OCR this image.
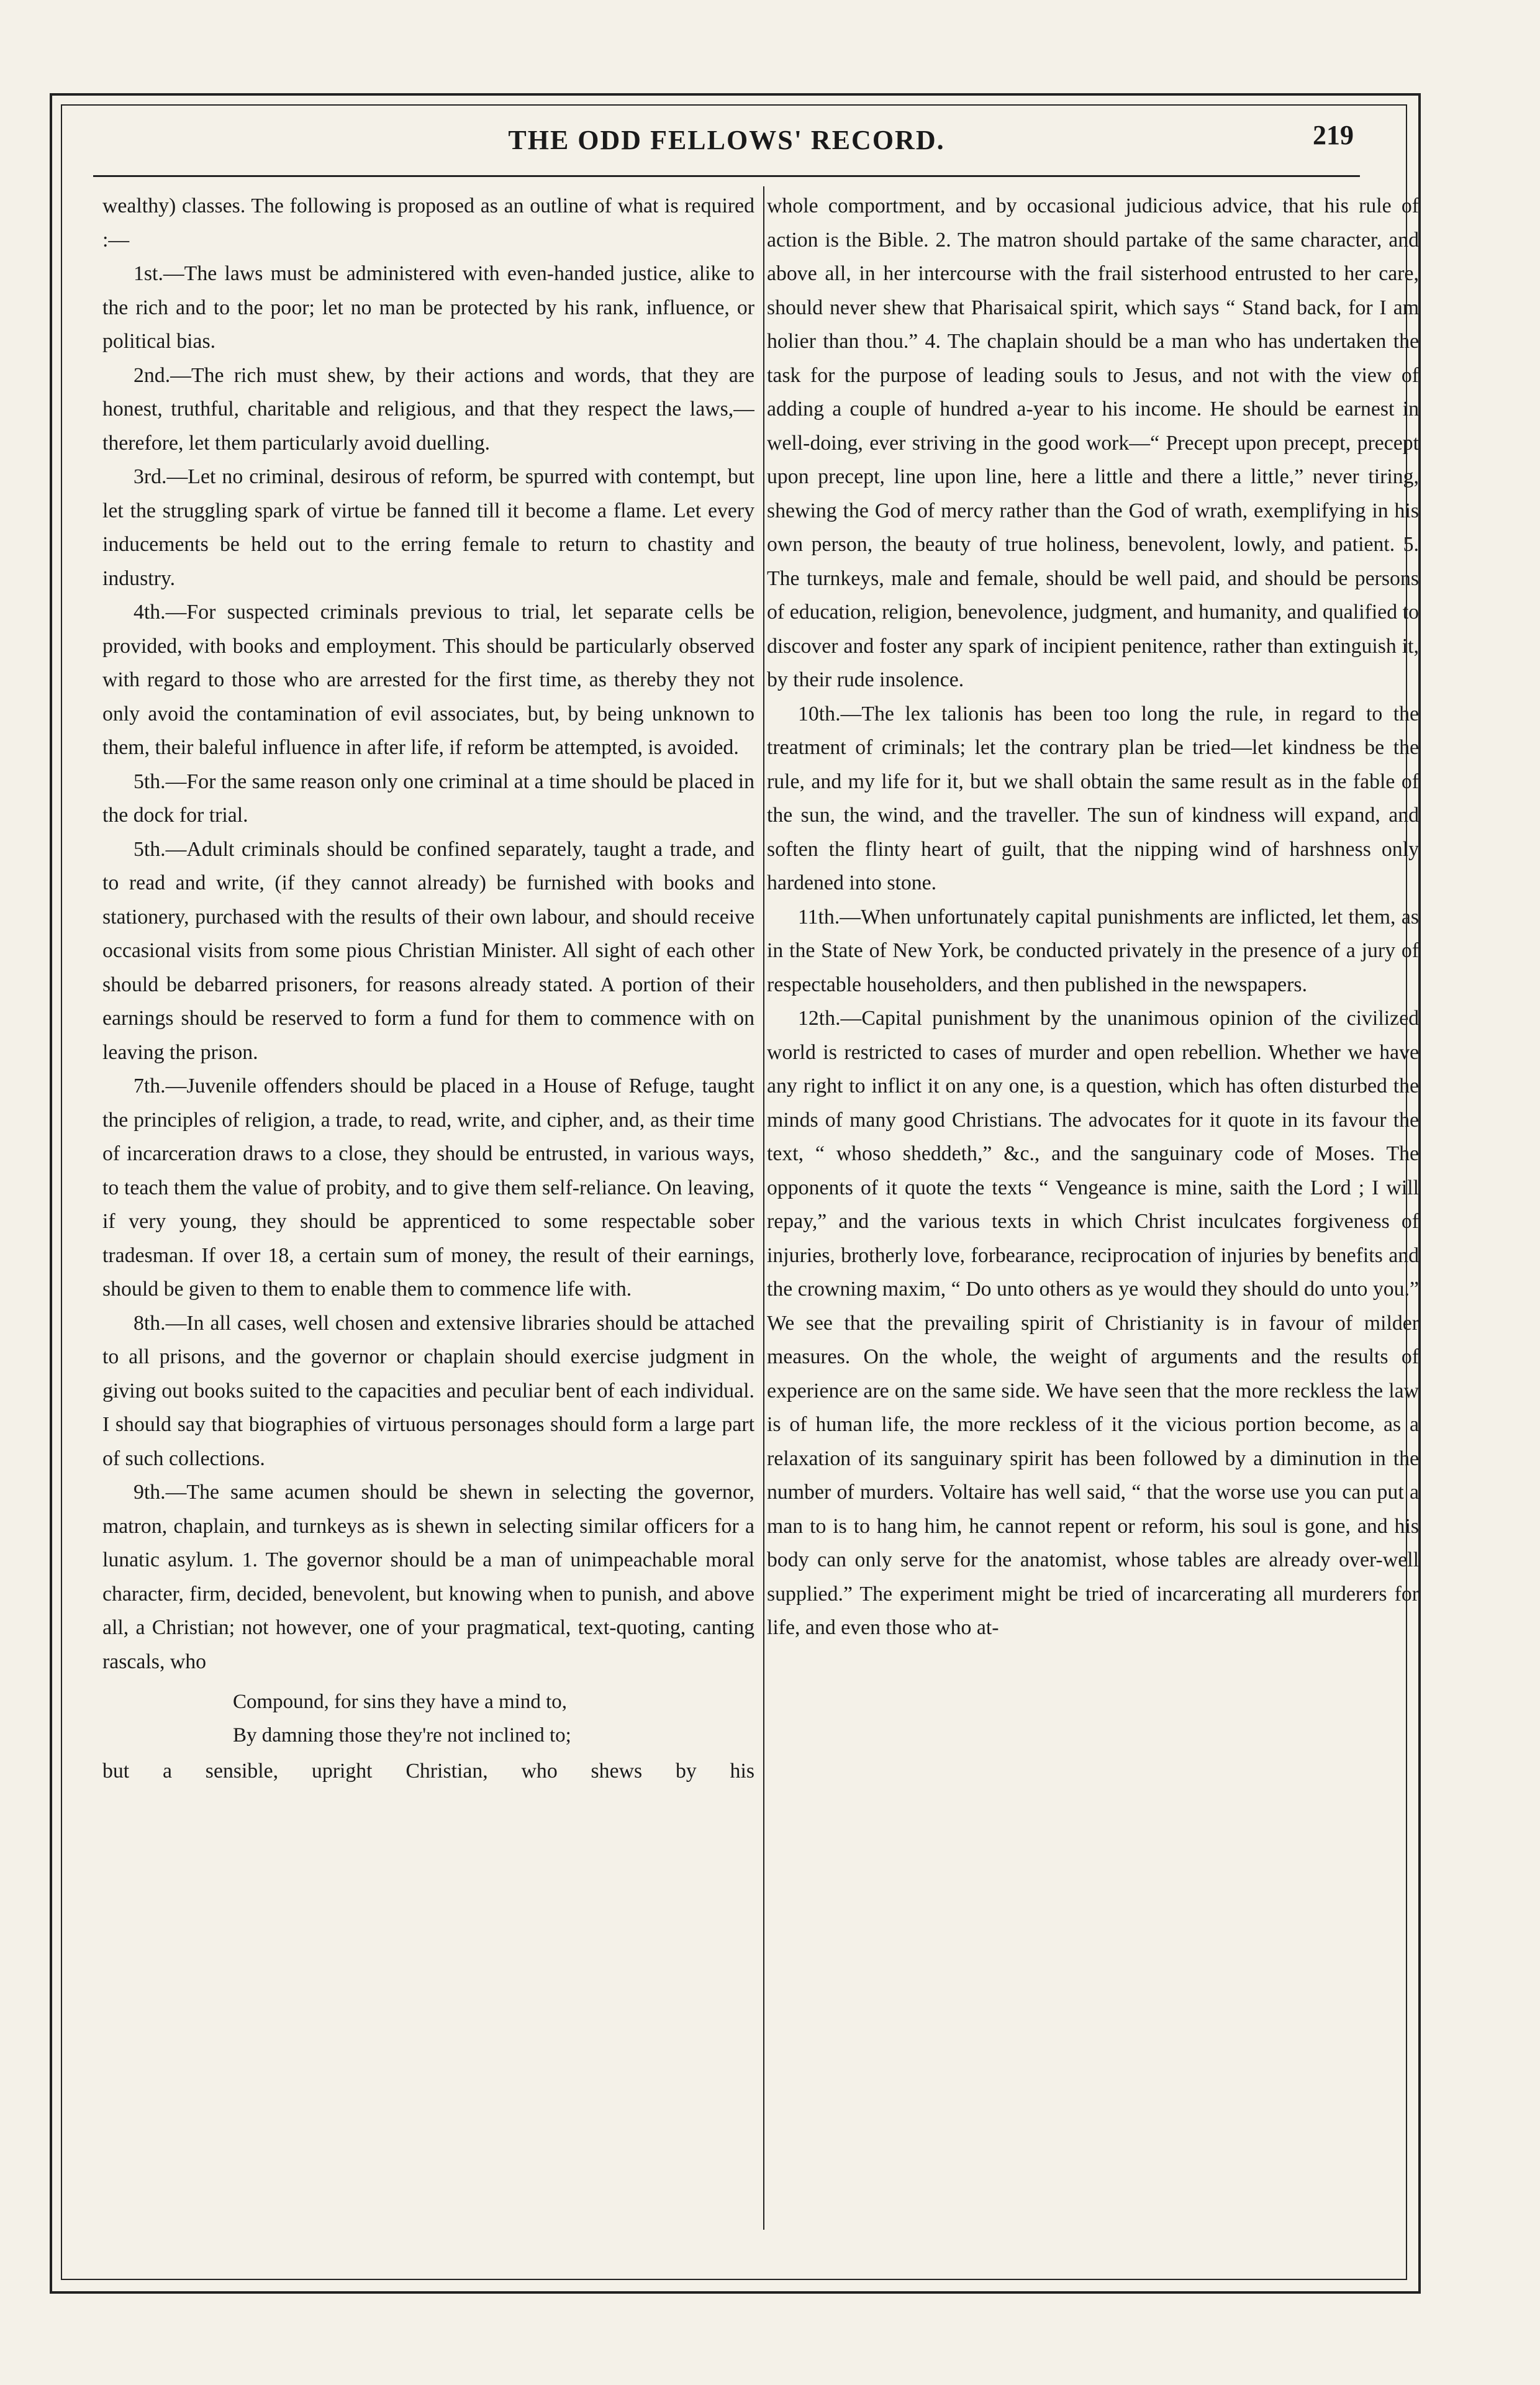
THE ODD FELLOWS' RECORD.	219

wealthy) classes. The following is proposed as an outline of what is required :—

1st.—The laws must be administered with even-handed justice, alike to the rich and to the poor; let no man be protected by his rank, influence, or political bias.

2nd.—The rich must shew, by their actions and words, that they are honest, truthful, charitable and religious, and that they respect the laws,—therefore, let them particularly avoid duelling.

3rd.—Let no criminal, desirous of reform, be spurred with contempt, but let the struggling spark of virtue be fanned till it become a flame. Let every inducements be held out to the erring female to return to chastity and industry.

4th.—For suspected criminals previous to trial, let separate cells be provided, with books and employment. This should be particularly observed with regard to those who are arrested for the first time, as thereby they not only avoid the contamination of evil associates, but, by being unknown to them, their baleful influence in after life, if reform be attempted, is avoided.

5th.—For the same reason only one criminal at a time should be placed in the dock for trial.

5th.—Adult criminals should be confined separately, taught a trade, and to read and write, (if they cannot already) be furnished with books and stationery, purchased with the results of their own labour, and should receive occasional visits from some pious Christian Minister. All sight of each other should be debarred prisoners, for reasons already stated. A portion of their earnings should be reserved to form a fund for them to commence with on leaving the prison.

7th.—Juvenile offenders should be placed in a House of Refuge, taught the principles of religion, a trade, to read, write, and cipher, and, as their time of incarceration draws to a close, they should be entrusted, in various ways, to teach them the value of probity, and to give them self-reliance. On leaving, if very young, they should be apprenticed to some respectable sober tradesman. If over 18, a certain sum of money, the result of their earnings, should be given to them to enable them to commence life with.

8th.—In all cases, well chosen and extensive libraries should be attached to all prisons, and the governor or chaplain should exercise judgment in giving out books suited to the capacities and peculiar bent of each individual. I should say that biographies of virtuous personages should form a large part of such collections.

9th.—The same acumen should be shewn in selecting the governor, matron, chaplain, and turnkeys as is shewn in selecting similar officers for a lunatic asylum. 1. The governor should be a man of unimpeachable moral character, firm, decided, benevolent, but knowing when to punish, and above all, a Christian; not however, one of your pragmatical, text-quoting, canting rascals, who

Compound, for sins they have a mind to,
By damning those they're not inclined to;

but a sensible, upright Christian, who shews by his

whole comportment, and by occasional judicious advice, that his rule of action is the Bible. 2. The matron should partake of the same character, and above all, in her intercourse with the frail sisterhood entrusted to her care, should never shew that Pharisaical spirit, which says “ Stand back, for I am holier than thou.” 4. The chaplain should be a man who has undertaken the task for the purpose of leading souls to Jesus, and not with the view of adding a couple of hundred a-year to his income. He should be earnest in well-doing, ever striving in the good work—“ Precept upon precept, precept upon precept, line upon line, here a little and there a little,” never tiring, shewing the God of mercy rather than the God of wrath, exemplifying in his own person, the beauty of true holiness, benevolent, lowly, and patient. 5. The turnkeys, male and female, should be well paid, and should be persons of education, religion, benevolence, judgment, and humanity, and qualified to discover and foster any spark of incipient penitence, rather than extinguish it, by their rude insolence.

10th.—The lex talionis has been too long the rule, in regard to the treatment of criminals; let the contrary plan be tried—let kindness be the rule, and my life for it, but we shall obtain the same result as in the fable of the sun, the wind, and the traveller. The sun of kindness will expand, and soften the flinty heart of guilt, that the nipping wind of harshness only hardened into stone.

11th.—When unfortunately capital punishments are inflicted, let them, as in the State of New York, be conducted privately in the presence of a jury of respectable householders, and then published in the newspapers.

12th.—Capital punishment by the unanimous opinion of the civilized world is restricted to cases of murder and open rebellion. Whether we have any right to inflict it on any one, is a question, which has often disturbed the minds of many good Christians. The advocates for it quote in its favour the text, “ whoso sheddeth,” &c., and the sanguinary code of Moses. The opponents of it quote the texts “ Vengeance is mine, saith the Lord ; I will repay,” and the various texts in which Christ inculcates forgiveness of injuries, brotherly love, forbearance, reciprocation of injuries by benefits and the crowning maxim, “ Do unto others as ye would they should do unto you.” We see that the prevailing spirit of Christianity is in favour of milder measures. On the whole, the weight of arguments and the results of experience are on the same side. We have seen that the more reckless the law is of human life, the more reckless of it the vicious portion become, as a relaxation of its sanguinary spirit has been followed by a diminution in the number of murders. Voltaire has well said, “ that the worse use you can put a man to is to hang him, he cannot repent or reform, his soul is gone, and his body can only serve for the anatomist, whose tables are already over-well supplied.” The experiment might be tried of incarcerating all murderers for life, and even those who at-
